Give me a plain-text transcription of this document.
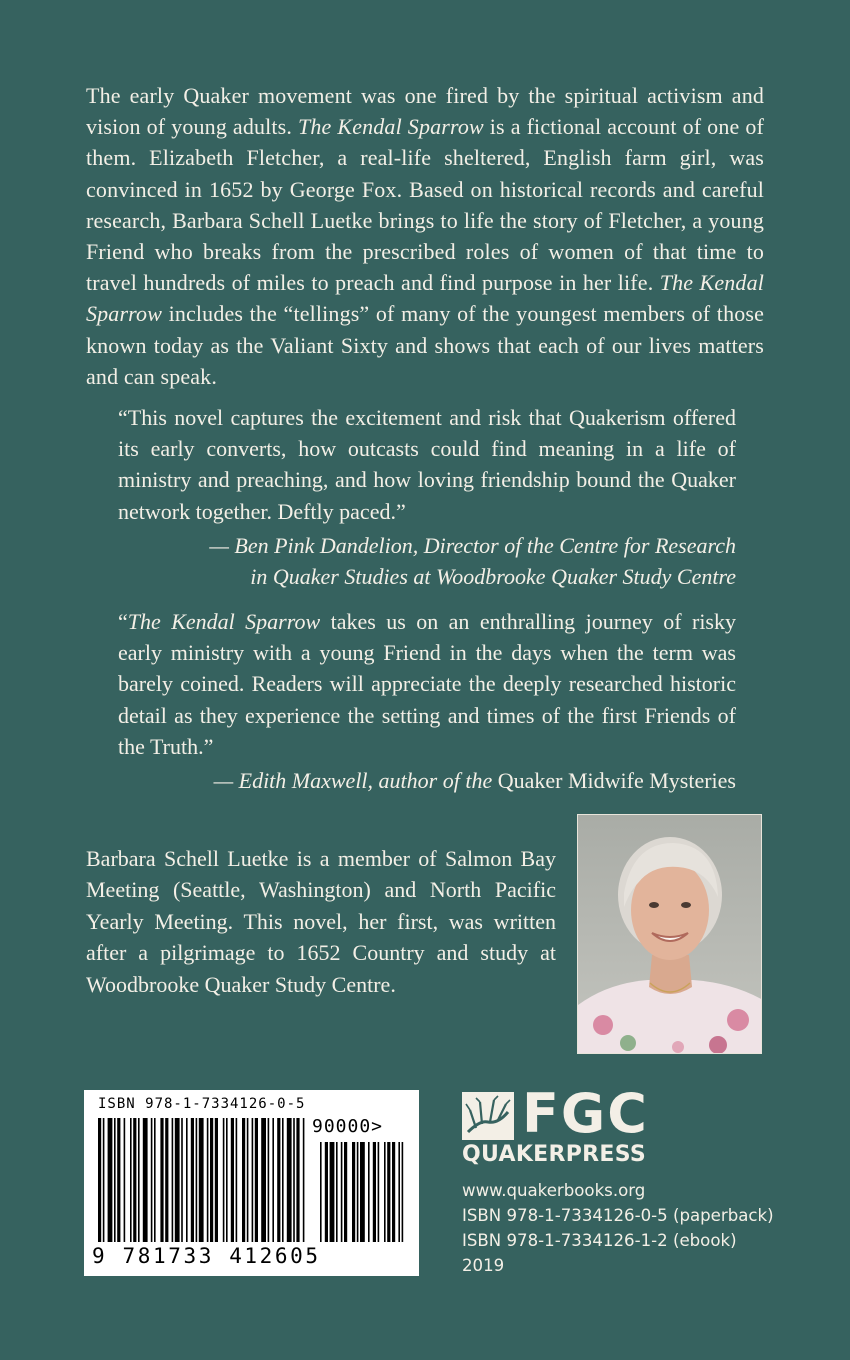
The early Quaker movement was one fired by the spiritual activism and vision of young adults. The Kendal Sparrow is a fictional account of one of them. Elizabeth Fletcher, a real-life sheltered, English farm girl, was convinced in 1652 by George Fox. Based on historical records and careful research, Barbara Schell Luetke brings to life the story of Fletcher, a young Friend who breaks from the prescribed roles of women of that time to travel hundreds of miles to preach and find purpose in her life. The Kendal Sparrow includes the “tellings” of many of the youngest members of those known today as the Valiant Sixty and shows that each of our lives matters and can speak.

“This novel captures the excitement and risk that Quakerism offered its early converts, how outcasts could find meaning in a life of ministry and preaching, and how loving friendship bound the Quaker network together. Deftly paced.”

— Ben Pink Dandelion, Director of the Centre for Research
in Quaker Studies at Woodbrooke Quaker Study Centre

“The Kendal Sparrow takes us on an enthralling journey of risky early ministry with a young Friend in the days when the term was barely coined. Readers will appreciate the deeply researched historic detail as they experience the setting and times of the first Friends of the Truth.”

— Edith Maxwell, author of the Quaker Midwife Mysteries
Barbara Schell Luetke is a member of Salmon Bay Meeting (Seattle, Washington) and North Pacific Yearly Meeting. This novel, her first, was written after a pilgrimage to 1652 Country and study at Woodbrooke Quaker Study Centre.
ISBN 978-1-7334126-0-5
90000>
9 781733 412605
FGC
QUAKERPRESS
www.quakerbooks.org
ISBN 978-1-7334126-0-5 (paperback)
ISBN 978-1-7334126-1-2 (ebook)
2019
